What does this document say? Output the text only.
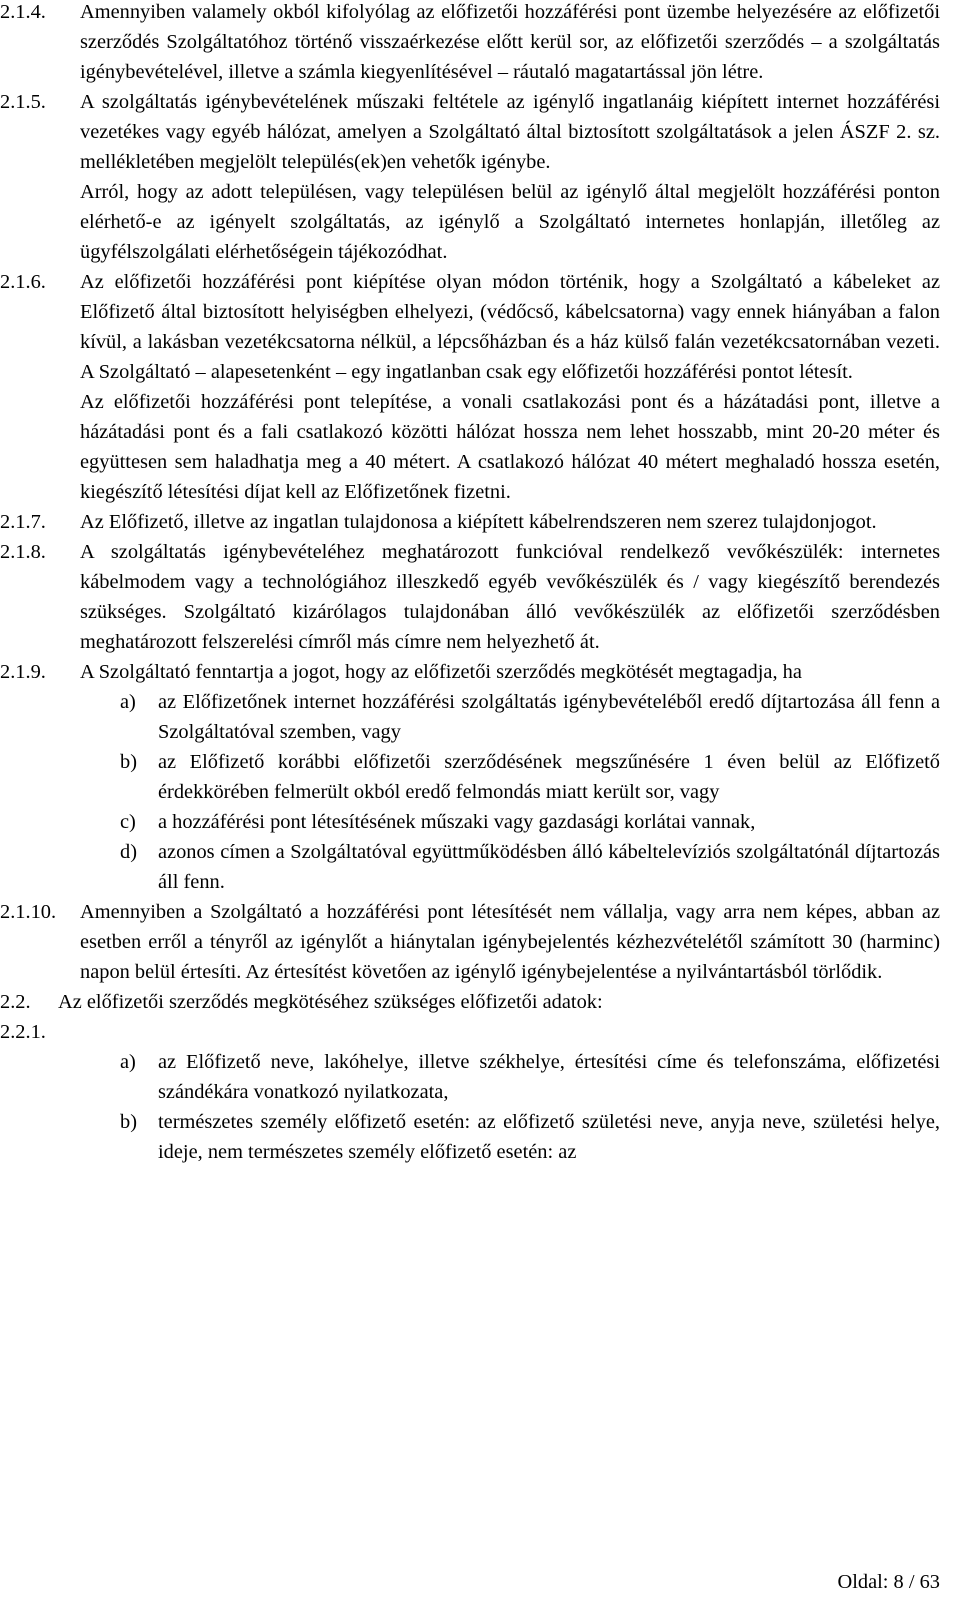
2.1.4.	Amennyiben valamely okból kifolyólag az előfizetői hozzáférési pont üzembe helyezésére az előfizetői szerződés Szolgáltatóhoz történő visszaérkezése előtt kerül sor, az előfizetői szerződés – a szolgáltatás igénybevételével, illetve a számla kiegyenlítésével – ráutaló magatartással jön létre.

2.1.5.	A szolgáltatás igénybevételének műszaki feltétele az igénylő ingatlanáig kiépített internet hozzáférési vezetékes vagy egyéb hálózat, amelyen a Szolgáltató által biztosított szolgáltatások a jelen ÁSZF 2. sz. mellékletében megjelölt település(ek)en vehetők igénybe.

Arról, hogy az adott településen, vagy településen belül az igénylő által megjelölt hozzáférési ponton elérhető-e az igényelt szolgáltatás, az igénylő a Szolgáltató internetes honlapján, illetőleg az ügyfélszolgálati elérhetőségein tájékozódhat.

2.1.6.	Az előfizetői hozzáférési pont kiépítése olyan módon történik, hogy a Szolgáltató a kábeleket az Előfizető által biztosított helyiségben elhelyezi, (védőcső, kábelcsatorna) vagy ennek hiányában a falon kívül, a lakásban vezetékcsatorna nélkül, a lépcsőházban és a ház külső falán vezetékcsatornában vezeti. A Szolgáltató – alapesetenként – egy ingatlanban csak egy előfizetői hozzáférési pontot létesít.

Az előfizetői hozzáférési pont telepítése, a vonali csatlakozási pont és a házátadási pont, illetve a házátadási pont és a fali csatlakozó közötti hálózat hossza nem lehet hosszabb, mint 20-20 méter és együttesen sem haladhatja meg a 40 métert. A csatlakozó hálózat 40 métert meghaladó hossza esetén, kiegészítő létesítési díjat kell az Előfizetőnek fizetni.

2.1.7.	Az Előfizető, illetve az ingatlan tulajdonosa a kiépített kábelrendszeren nem szerez tulajdonjogot.

2.1.8.	A szolgáltatás igénybevételéhez meghatározott funkcióval rendelkező vevőkészülék: internetes kábelmodem vagy a technológiához illeszkedő egyéb vevőkészülék és / vagy kiegészítő berendezés szükséges. Szolgáltató kizárólagos tulajdonában álló vevőkészülék az előfizetői szerződésben meghatározott felszerelési címről más címre nem helyezhető át.

2.1.9.	A Szolgáltató fenntartja a jogot, hogy az előfizetői szerződés megkötését megtagadja, ha

a)	az Előfizetőnek internet hozzáférési szolgáltatás igénybevételéből eredő díjtartozása áll fenn a Szolgáltatóval szemben, vagy
b)	az Előfizető korábbi előfizetői szerződésének megszűnésére 1 éven belül az Előfizető érdekkörében felmerült okból eredő felmondás miatt került sor, vagy
c)	a hozzáférési pont létesítésének műszaki vagy gazdasági korlátai vannak,
d)	azonos címen a Szolgáltatóval együttműködésben álló kábeltelevíziós szolgáltatónál díjtartozás áll fenn.
2.1.10.	Amennyiben a Szolgáltató a hozzáférési pont létesítését nem vállalja, vagy arra nem képes, abban az esetben erről a tényről az igénylőt a hiánytalan igénybejelentés kézhezvételétől számított 30 (harminc) napon belül értesíti. Az értesítést követően az igénylő igénybejelentése a nyilvántartásból törlődik.

2.2.	Az előfizetői szerződés megkötéséhez szükséges előfizetői adatok:

2.2.1.
a)	az Előfizető neve, lakóhelye, illetve székhelye, értesítési címe és telefonszáma, előfizetési szándékára vonatkozó nyilatkozata,
b)	természetes személy előfizető esetén: az előfizető születési neve, anyja neve, születési helye, ideje, nem természetes személy előfizető esetén: az
Oldal: 8 / 63
